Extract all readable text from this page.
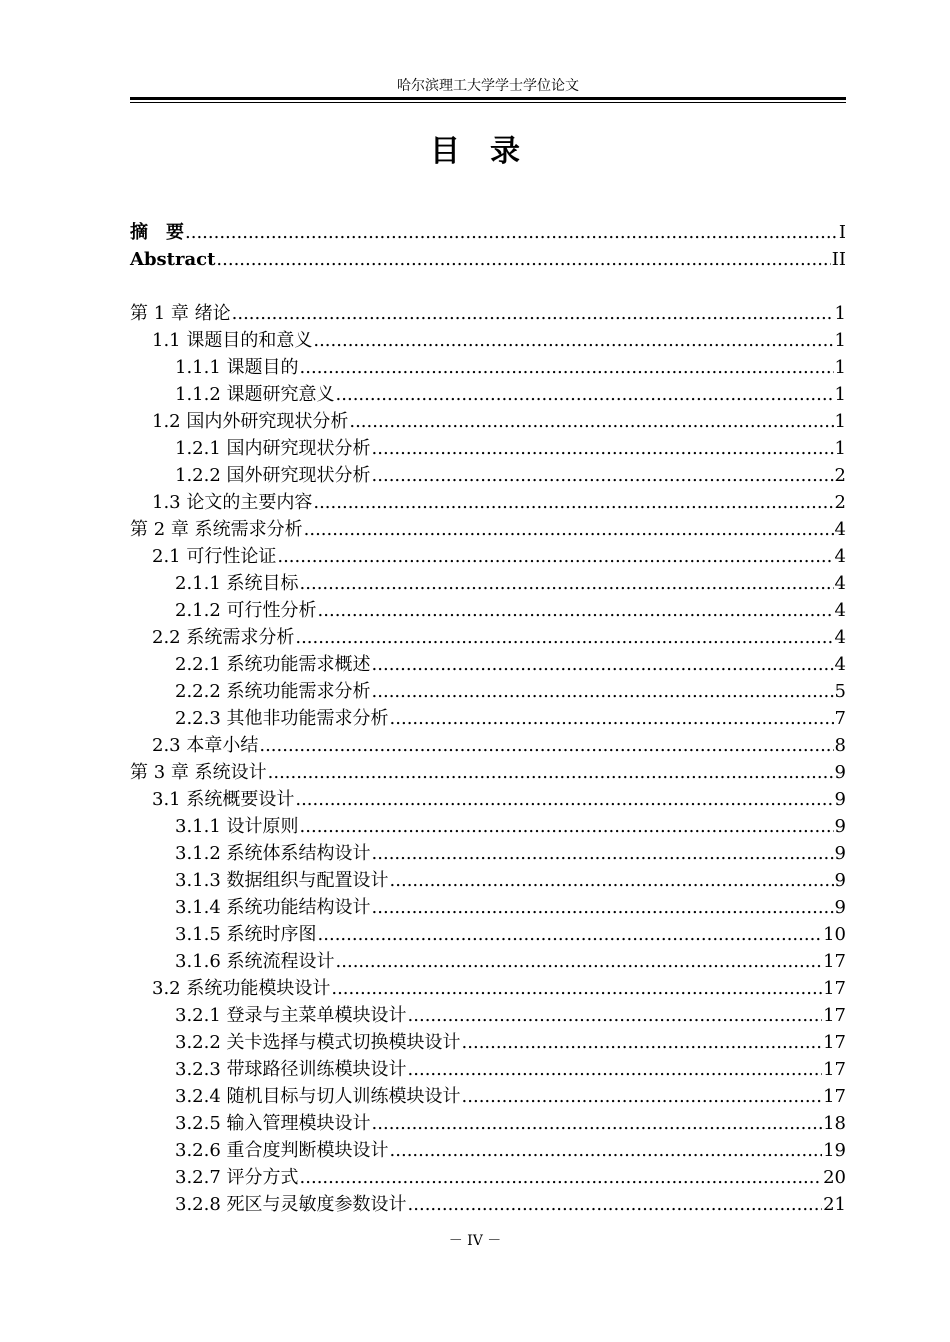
哈尔滨理工大学学士学位论文
目　录
摘　要 .....	I
Abstract .....	II
第 1 章 绪论 .....	1
1.1 课题目的和意义 .....	1
1.1.1 课题目的 .....	1
1.1.2 课题研究意义 .....	1
1.2 国内外研究现状分析 .....	1
1.2.1 国内研究现状分析 .....	1
1.2.2 国外研究现状分析 .....	2
1.3 论文的主要内容 .....	2
第 2 章 系统需求分析 .....	4
2.1 可行性论证 .....	4
2.1.1 系统目标 .....	4
2.1.2 可行性分析 .....	4
2.2 系统需求分析 .....	4
2.2.1 系统功能需求概述 .....	4
2.2.2 系统功能需求分析 .....	5
2.2.3 其他非功能需求分析 .....	7
2.3 本章小结 .....	8
第 3 章 系统设计 .....	9
3.1 系统概要设计 .....	9
3.1.1 设计原则 .....	9
3.1.2 系统体系结构设计 .....	9
3.1.3 数据组织与配置设计 .....	9
3.1.4 系统功能结构设计 .....	9
3.1.5 系统时序图 .....	10
3.1.6 系统流程设计 .....	17
3.2 系统功能模块设计 .....	17
3.2.1 登录与主菜单模块设计 .....	17
3.2.2 关卡选择与模式切换模块设计 .....	17
3.2.3 带球路径训练模块设计 .....	17
3.2.4 随机目标与切人训练模块设计 .....	17
3.2.5 输入管理模块设计 .....	18
3.2.6 重合度判断模块设计 .....	19
3.2.7 评分方式 .....	20
3.2.8 死区与灵敏度参数设计 .....	21
－ IV －
